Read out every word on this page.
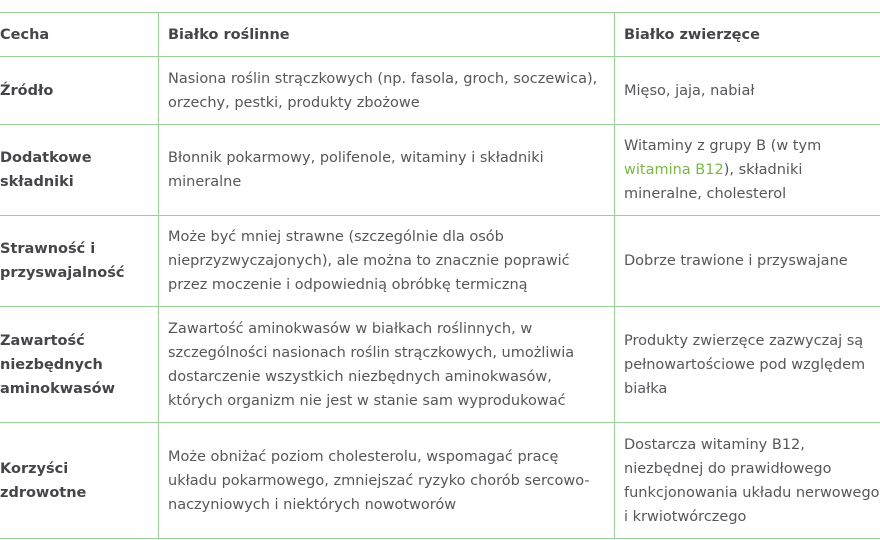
Cecha	Białko roślinne	Białko zwierzęce
Źródło	Nasiona roślin strączkowych (np. fasola, groch, soczewica), orzechy, pestki, produkty zbożowe	Mięso, jaja, nabiał
Dodatkowe składniki	Błonnik pokarmowy, polifenole, witaminy i składniki mineralne	Witaminy z grupy B (w tym witamina B12), składniki mineralne, cholesterol
Strawność i przyswajalność	Może być mniej strawne (szczególnie dla osób nieprzyzwyczajonych), ale można to znacznie poprawić przez moczenie i odpowiednią obróbkę termiczną	Dobrze trawione i przyswajane
Zawartość niezbędnych aminokwasów	Zawartość aminokwasów w białkach roślinnych, w szczególności nasionach roślin strączkowych, umożliwia dostarczenie wszystkich niezbędnych aminokwasów, których organizm nie jest w stanie sam wyprodukować	Produkty zwierzęce zazwyczaj są pełnowartościowe pod względem białka
Korzyści zdrowotne	Może obniżać poziom cholesterolu, wspomagać pracę układu pokarmowego, zmniejszać ryzyko chorób sercowo-naczyniowych i niektórych nowotworów	Dostarcza witaminy B12, niezbędnej do prawidłowego funkcjonowania układu nerwowego i krwiotwórczego
